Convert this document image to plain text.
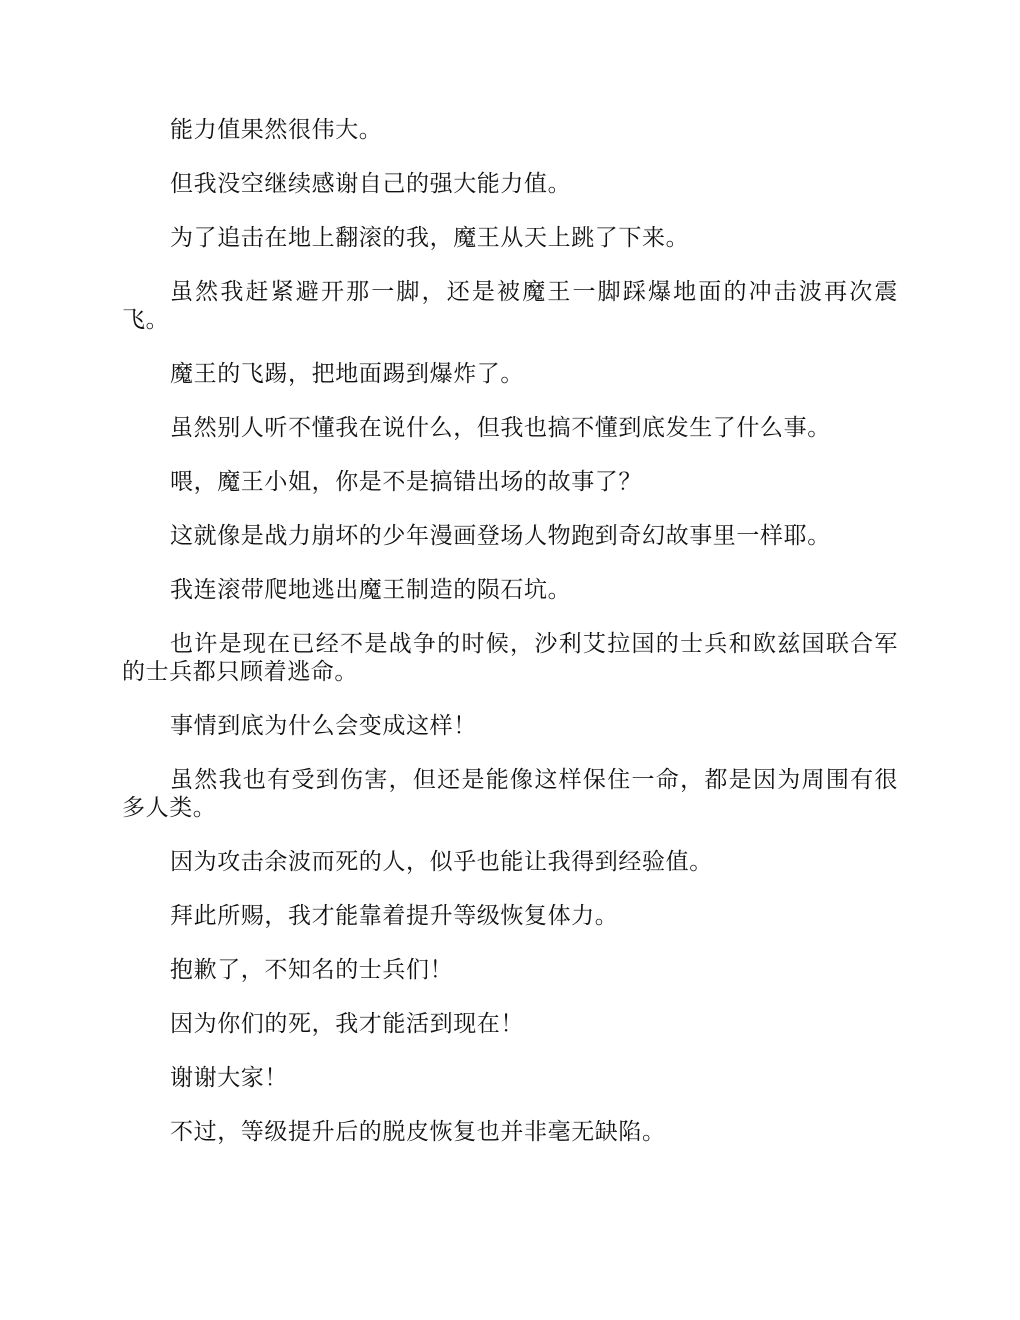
能力值果然很伟大。

但我没空继续感谢自己的强大能力值。

为了追击在地上翻滚的我，魔王从天上跳了下来。

虽然我赶紧避开那一脚，还是被魔王一脚踩爆地面的冲击波再次震飞。

魔王的飞踢，把地面踢到爆炸了。

虽然别人听不懂我在说什么，但我也搞不懂到底发生了什么事。

喂，魔王小姐，你是不是搞错出场的故事了？

这就像是战力崩坏的少年漫画登场人物跑到奇幻故事里一样耶。

我连滚带爬地逃出魔王制造的陨石坑。

也许是现在已经不是战争的时候，沙利艾拉国的士兵和欧兹国联合军的士兵都只顾着逃命。

事情到底为什么会变成这样！

虽然我也有受到伤害，但还是能像这样保住一命，都是因为周围有很多人类。

因为攻击余波而死的人，似乎也能让我得到经验值。

拜此所赐，我才能靠着提升等级恢复体力。

抱歉了，不知名的士兵们！

因为你们的死，我才能活到现在！

谢谢大家！

不过，等级提升后的脱皮恢复也并非毫无缺陷。
